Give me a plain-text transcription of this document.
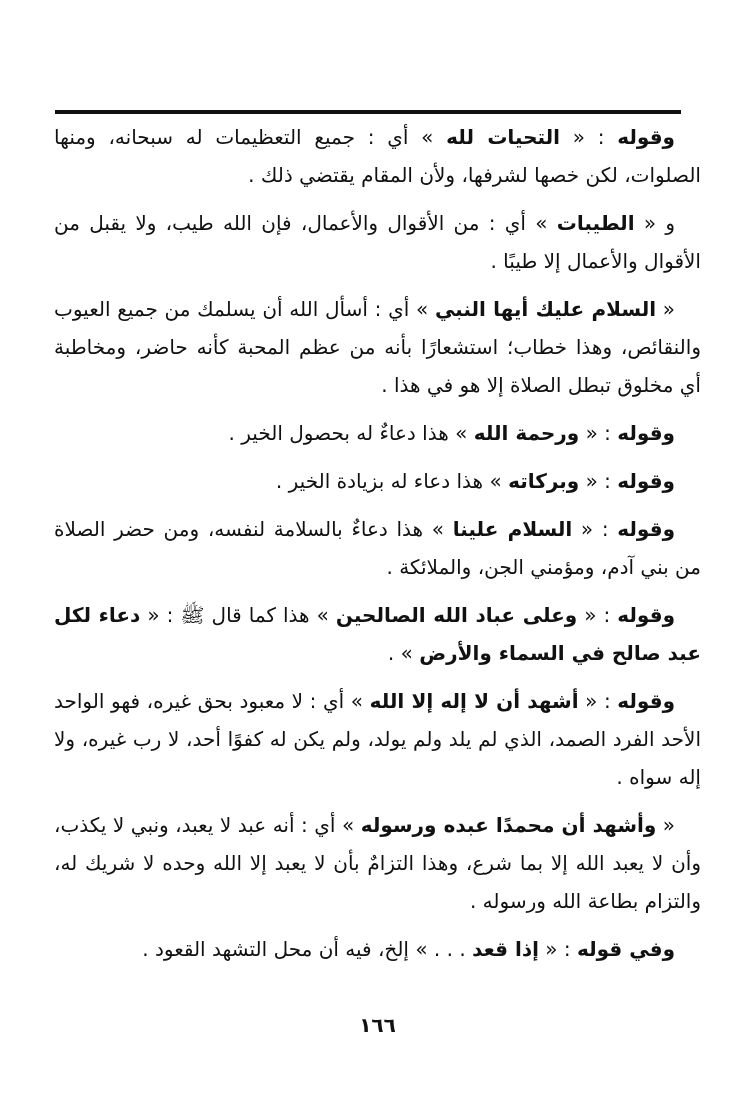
وقوله : « التحيات لله » أي : جميع التعظيمات له سبحانه، ومنها الصلوات، لكن خصها لشرفها، ولأن المقام يقتضي ذلك .

و « الطيبات » أي : من الأقوال والأعمال، فإن الله طيب، ولا يقبل من الأقوال والأعمال إلا طيبًا .

« السلام عليك أيها النبي » أي : أسأل الله أن يسلمك من جميع العيوب والنقائص، وهذا خطاب؛ استشعارًا بأنه من عظم المحبة كأنه حاضر، ومخاطبة أي مخلوق تبطل الصلاة إلا هو في هذا .

وقوله : « ورحمة الله » هذا دعاءٌ له بحصول الخير .

وقوله : « وبركاته » هذا دعاء له بزيادة الخير .

وقوله : « السلام علينا » هذا دعاءٌ بالسلامة لنفسه، ومن حضر الصلاة من بني آدم، ومؤمني الجن، والملائكة .

وقوله : « وعلى عباد الله الصالحين » هذا كما قال ﷺ : « دعاء لكل عبد صالح في السماء والأرض » .

وقوله : « أشهد أن لا إله إلا الله » أي : لا معبود بحق غيره، فهو الواحد الأحد الفرد الصمد، الذي لم يلد ولم يولد، ولم يكن له كفوًا أحد، لا رب غيره، ولا إله سواه .

« وأشهد أن محمدًا عبده ورسوله » أي : أنه عبد لا يعبد، ونبي لا يكذب، وأن لا يعبد الله إلا بما شرع، وهذا التزامٌ بأن لا يعبد إلا الله وحده لا شريك له، والتزام بطاعة الله ورسوله .

وفي قوله : « إذا قعد . . . » إلخ، فيه أن محل التشهد القعود .

١٦٦
